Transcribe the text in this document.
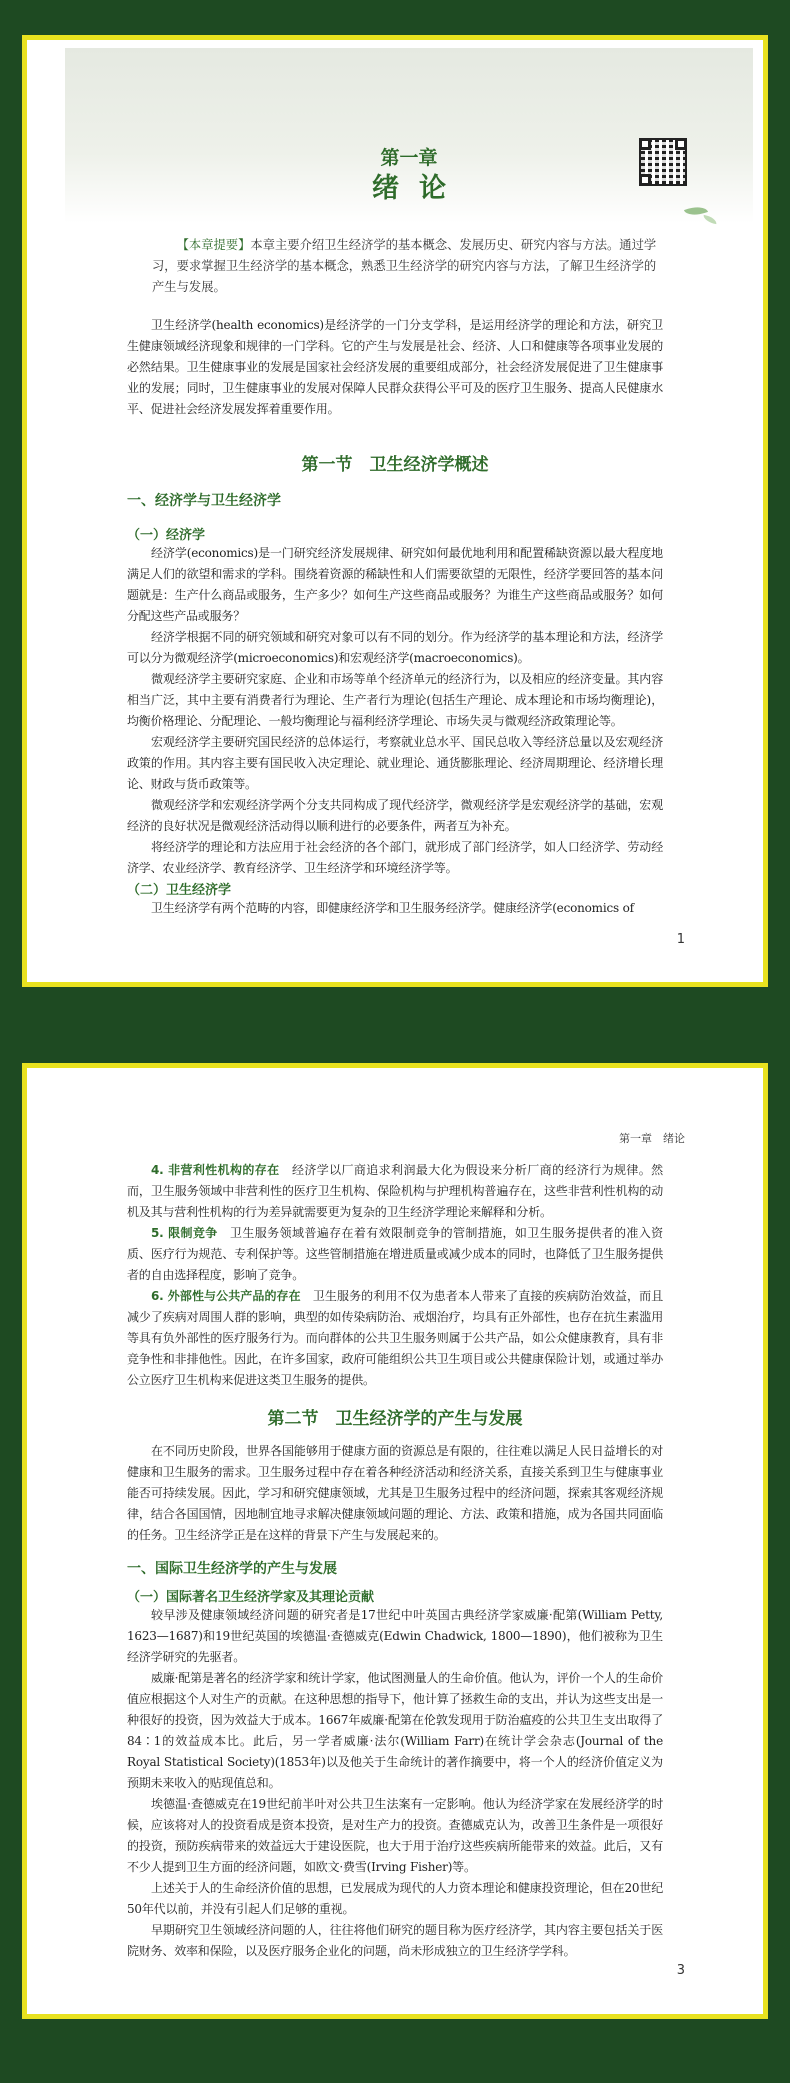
第一章
绪论
【本章提要】本章主要介绍卫生经济学的基本概念、发展历史、研究内容与方法。通过学习，要求掌握卫生经济学的基本概念，熟悉卫生经济学的研究内容与方法，了解卫生经济学的产生与发展。

卫生经济学(health economics)是经济学的一门分支学科，是运用经济学的理论和方法，研究卫生健康领域经济现象和规律的一门学科。它的产生与发展是社会、经济、人口和健康等各项事业发展的必然结果。卫生健康事业的发展是国家社会经济发展的重要组成部分，社会经济发展促进了卫生健康事业的发展；同时，卫生健康事业的发展对保障人民群众获得公平可及的医疗卫生服务、提高人民健康水平、促进社会经济发展发挥着重要作用。

第一节　卫生经济学概述

一、经济学与卫生经济学

（一）经济学

经济学(economics)是一门研究经济发展规律、研究如何最优地利用和配置稀缺资源以最大程度地满足人们的欲望和需求的学科。围绕着资源的稀缺性和人们需要欲望的无限性，经济学要回答的基本问题就是：生产什么商品或服务，生产多少？如何生产这些商品或服务？为谁生产这些商品或服务？如何分配这些产品或服务？

经济学根据不同的研究领域和研究对象可以有不同的划分。作为经济学的基本理论和方法，经济学可以分为微观经济学(microeconomics)和宏观经济学(macroeconomics)。

微观经济学主要研究家庭、企业和市场等单个经济单元的经济行为，以及相应的经济变量。其内容相当广泛，其中主要有消费者行为理论、生产者行为理论(包括生产理论、成本理论和市场均衡理论)，均衡价格理论、分配理论、一般均衡理论与福利经济学理论、市场失灵与微观经济政策理论等。

宏观经济学主要研究国民经济的总体运行，考察就业总水平、国民总收入等经济总量以及宏观经济政策的作用。其内容主要有国民收入决定理论、就业理论、通货膨胀理论、经济周期理论、经济增长理论、财政与货币政策等。

微观经济学和宏观经济学两个分支共同构成了现代经济学，微观经济学是宏观经济学的基础，宏观经济的良好状况是微观经济活动得以顺利进行的必要条件，两者互为补充。

将经济学的理论和方法应用于社会经济的各个部门，就形成了部门经济学，如人口经济学、劳动经济学、农业经济学、教育经济学、卫生经济学和环境经济学等。

（二）卫生经济学

卫生经济学有两个范畴的内容，即健康经济学和卫生服务经济学。健康经济学(economics of

1
第一章　绪论

4. 非营利性机构的存在　 经济学以厂商追求利润最大化为假设来分析厂商的经济行为规律。然而，卫生服务领域中非营利性的医疗卫生机构、保险机构与护理机构普遍存在，这些非营利性机构的动机及其与营利性机构的行为差异就需要更为复杂的卫生经济学理论来解释和分析。

5. 限制竞争　 卫生服务领域普遍存在着有效限制竞争的管制措施，如卫生服务提供者的准入资质、医疗行为规范、专利保护等。这些管制措施在增进质量或减少成本的同时，也降低了卫生服务提供者的自由选择程度，影响了竞争。

6. 外部性与公共产品的存在　 卫生服务的利用不仅为患者本人带来了直接的疾病防治效益，而且减少了疾病对周围人群的影响，典型的如传染病防治、戒烟治疗，均具有正外部性，也存在抗生素滥用等具有负外部性的医疗服务行为。而向群体的公共卫生服务则属于公共产品，如公众健康教育，具有非竞争性和非排他性。因此，在许多国家，政府可能组织公共卫生项目或公共健康保险计划，或通过举办公立医疗卫生机构来促进这类卫生服务的提供。

第二节　卫生经济学的产生与发展

在不同历史阶段，世界各国能够用于健康方面的资源总是有限的，往往难以满足人民日益增长的对健康和卫生服务的需求。卫生服务过程中存在着各种经济活动和经济关系，直接关系到卫生与健康事业能否可持续发展。因此，学习和研究健康领域，尤其是卫生服务过程中的经济问题，探索其客观经济规律，结合各国国情，因地制宜地寻求解决健康领域问题的理论、方法、政策和措施，成为各国共同面临的任务。卫生经济学正是在这样的背景下产生与发展起来的。

一、国际卫生经济学的产生与发展

（一）国际著名卫生经济学家及其理论贡献

较早涉及健康领域经济问题的研究者是17世纪中叶英国古典经济学家威廉·配第(William Petty, 1623—1687)和19世纪英国的埃德温·查德威克(Edwin Chadwick, 1800—1890)，他们被称为卫生经济学研究的先驱者。

威廉·配第是著名的经济学家和统计学家，他试图测量人的生命价值。他认为，评价一个人的生命价值应根据这个人对生产的贡献。在这种思想的指导下，他计算了拯救生命的支出，并认为这些支出是一种很好的投资，因为效益大于成本。1667年威廉·配第在伦敦发现用于防治瘟疫的公共卫生支出取得了84∶1的效益成本比。此后，另一学者威廉·法尔(William Farr)在统计学会杂志(Journal of the Royal Statistical Society)(1853年)以及他关于生命统计的著作摘要中，将一个人的经济价值定义为预期未来收入的贴现值总和。

埃德温·查德威克在19世纪前半叶对公共卫生法案有一定影响。他认为经济学家在发展经济学的时候，应该将对人的投资看成是资本投资，是对生产力的投资。查德威克认为，改善卫生条件是一项很好的投资，预防疾病带来的效益远大于建设医院，也大于用于治疗这些疾病所能带来的效益。此后，又有不少人提到卫生方面的经济问题，如欧文·费雪(Irving Fisher)等。

上述关于人的生命经济价值的思想，已发展成为现代的人力资本理论和健康投资理论，但在20世纪50年代以前，并没有引起人们足够的重视。

早期研究卫生领域经济问题的人，往往将他们研究的题目称为医疗经济学，其内容主要包括关于医院财务、效率和保险，以及医疗服务企业化的问题，尚未形成独立的卫生经济学学科。

3
